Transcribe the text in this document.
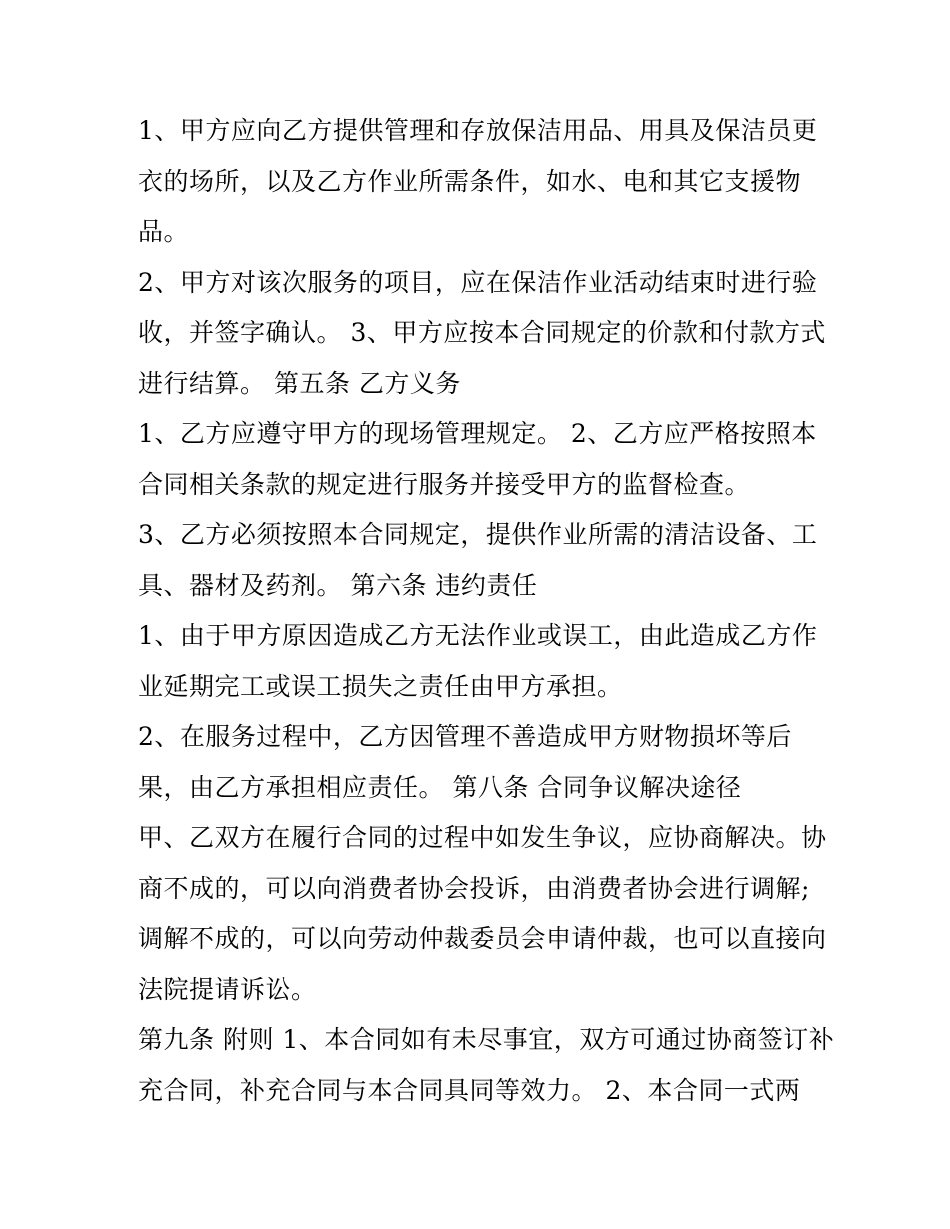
1、甲方应向乙方提供管理和存放保洁用品、用具及保洁员更
衣的场所，以及乙方作业所需条件，如水、电和其它支援物
品。
2、甲方对该次服务的项目，应在保洁作业活动结束时进行验
收，并签字确认。 3、甲方应按本合同规定的价款和付款方式
进行结算。 第五条 乙方义务
1、乙方应遵守甲方的现场管理规定。 2、乙方应严格按照本
合同相关条款的规定进行服务并接受甲方的监督检查。
3、乙方必须按照本合同规定，提供作业所需的清洁设备、工
具、器材及药剂。 第六条 违约责任
1、由于甲方原因造成乙方无法作业或误工，由此造成乙方作
业延期完工或误工损失之责任由甲方承担。
2、在服务过程中，乙方因管理不善造成甲方财物损坏等后
果，由乙方承担相应责任。 第八条 合同争议解决途径
甲、乙双方在履行合同的过程中如发生争议，应协商解决。协
商不成的，可以向消费者协会投诉，由消费者协会进行调解;
调解不成的，可以向劳动仲裁委员会申请仲裁，也可以直接向
法院提请诉讼。
第九条 附则 1、本合同如有未尽事宜，双方可通过协商签订补
充合同，补充合同与本合同具同等效力。 2、本合同一式两
